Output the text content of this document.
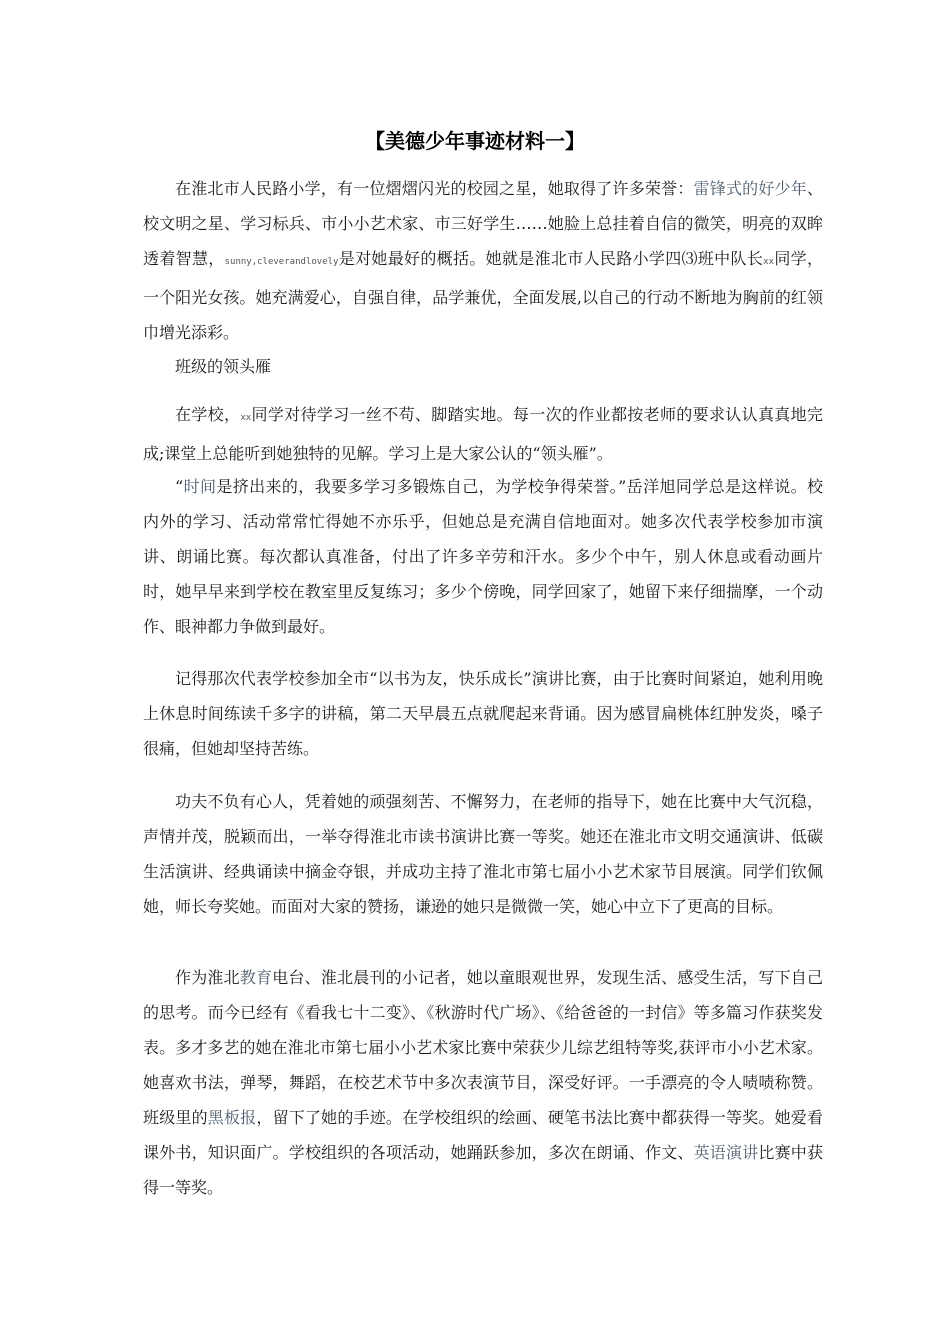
【美德少年事迹材料一】

在淮北市人民路小学，有一位熠熠闪光的校园之星，她取得了许多荣誉：雷锋式的好少年、校文明之星、学习标兵、市小小艺术家、市三好学生……她脸上总挂着自信的微笑，明亮的双眸透着智慧，sunny,cleverandlovely是对她最好的概括。她就是淮北市人民路小学四⑶班中队长xx同学，一个阳光女孩。她充满爱心，自强自律，品学兼优，全面发展,以自己的行动不断地为胸前的红领巾增光添彩。

班级的领头雁

在学校，xx同学对待学习一丝不苟、脚踏实地。每一次的作业都按老师的要求认认真真地完成;课堂上总能听到她独特的见解。学习上是大家公认的“领头雁”。

“时间是挤出来的，我要多学习多锻炼自己，为学校争得荣誉。”岳洋旭同学总是这样说。校内外的学习、活动常常忙得她不亦乐乎，但她总是充满自信地面对。她多次代表学校参加市演讲、朗诵比赛。每次都认真准备，付出了许多辛劳和汗水。多少个中午，别人休息或看动画片时，她早早来到学校在教室里反复练习；多少个傍晚，同学回家了，她留下来仔细揣摩，一个动作、眼神都力争做到最好。

记得那次代表学校参加全市“以书为友，快乐成长”演讲比赛，由于比赛时间紧迫，她利用晚上休息时间练读千多字的讲稿，第二天早晨五点就爬起来背诵。因为感冒扁桃体红肿发炎，嗓子很痛，但她却坚持苦练。

功夫不负有心人，凭着她的顽强刻苦、不懈努力，在老师的指导下，她在比赛中大气沉稳，声情并茂，脱颖而出，一举夺得淮北市读书演讲比赛一等奖。她还在淮北市文明交通演讲、低碳生活演讲、经典诵读中摘金夺银，并成功主持了淮北市第七届小小艺术家节目展演。同学们钦佩她，师长夸奖她。而面对大家的赞扬，谦逊的她只是微微一笑，她心中立下了更高的目标。

作为淮北教育电台、淮北晨刊的小记者，她以童眼观世界，发现生活、感受生活，写下自己的思考。而今已经有《看我七十二变》、《秋游时代广场》、《给爸爸的一封信》等多篇习作获奖发表。多才多艺的她在淮北市第七届小小艺术家比赛中荣获少儿综艺组特等奖,获评市小小艺术家。她喜欢书法，弹琴，舞蹈，在校艺术节中多次表演节目，深受好评。一手漂亮的令人啧啧称赞。班级里的黑板报，留下了她的手迹。在学校组织的绘画、硬笔书法比赛中都获得一等奖。她爱看课外书，知识面广。学校组织的各项活动，她踊跃参加，多次在朗诵、作文、英语演讲比赛中获得一等奖。
